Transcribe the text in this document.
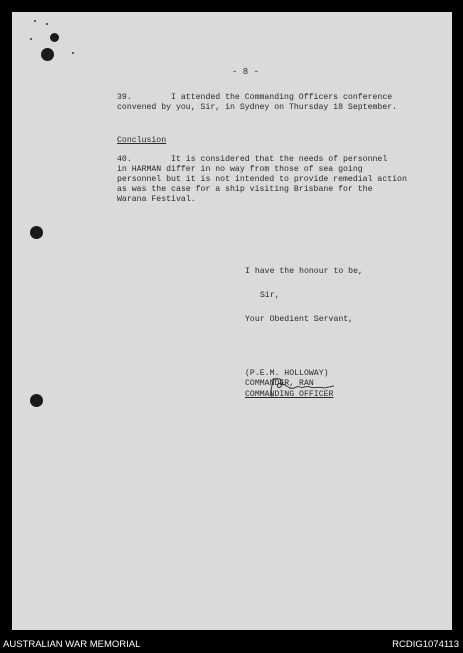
- 8 -
39.        I attended the Commanding Officers conference
convened by you, Sir, in Sydney on Thursday 18 September.
Conclusion
40.        It is considered that the needs of personnel
in HARMAN differ in no way from those of sea going
personnel but it is not intended to provide remedial action
as was the case for a ship visiting Brisbane for the
Warana Festival.
I have the honour to be,
Sir,
Your Obedient Servant,
(P.E.M. HOLLOWAY)
COMMANDER, RAN
COMMANDING OFFICER
AUSTRALIAN WAR MEMORIAL	RCDIG1074113
